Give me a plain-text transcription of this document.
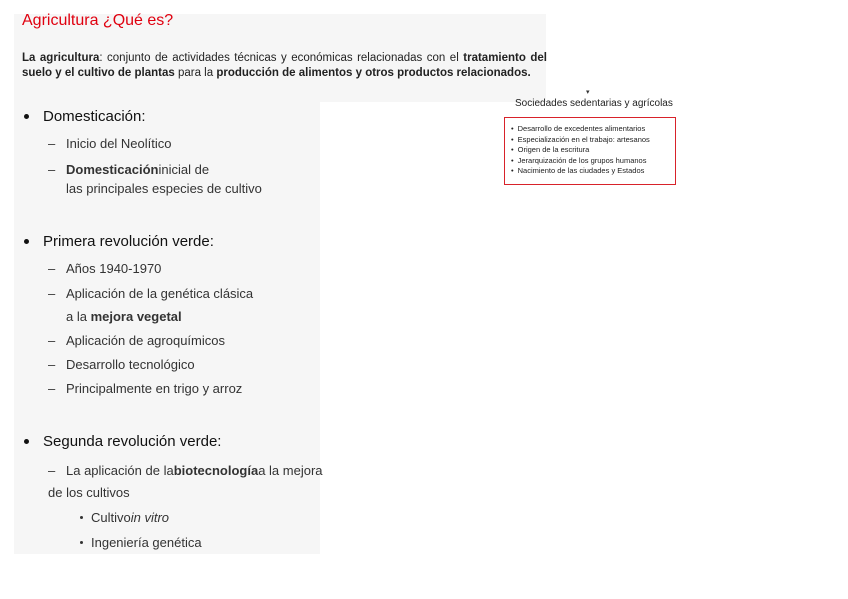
Agricultura ¿Qué es?
La agricultura: conjunto de actividades técnicas y económicas relacionadas con el tratamiento del suelo y el cultivo de plantas para la producción de alimentos y otros productos relacionados.
Domesticación :
– Inicio del Neolítico
– Domesticación inicial de
las principales especies de cultivo
Primera revolución verde :
– Años 1940-1970
– Aplicación de la genética clásica
a la mejora vegetal
– Aplicación de agroquímicos
– Desarrollo tecnológico
– Principalmente en trigo y arroz
Segunda revolución verde:
– La aplicación de la biotecnología a la mejora
de los cultivos
Cultivo in vitro
Ingeniería genética
▾
Sociedades sedentarias y agrícolas
• Desarrollo de excedentes alimentarios
• Especialización en el trabajo: artesanos
• Origen de la escritura
• Jerarquización de los grupos humanos
• Nacimiento de las ciudades y Estados
